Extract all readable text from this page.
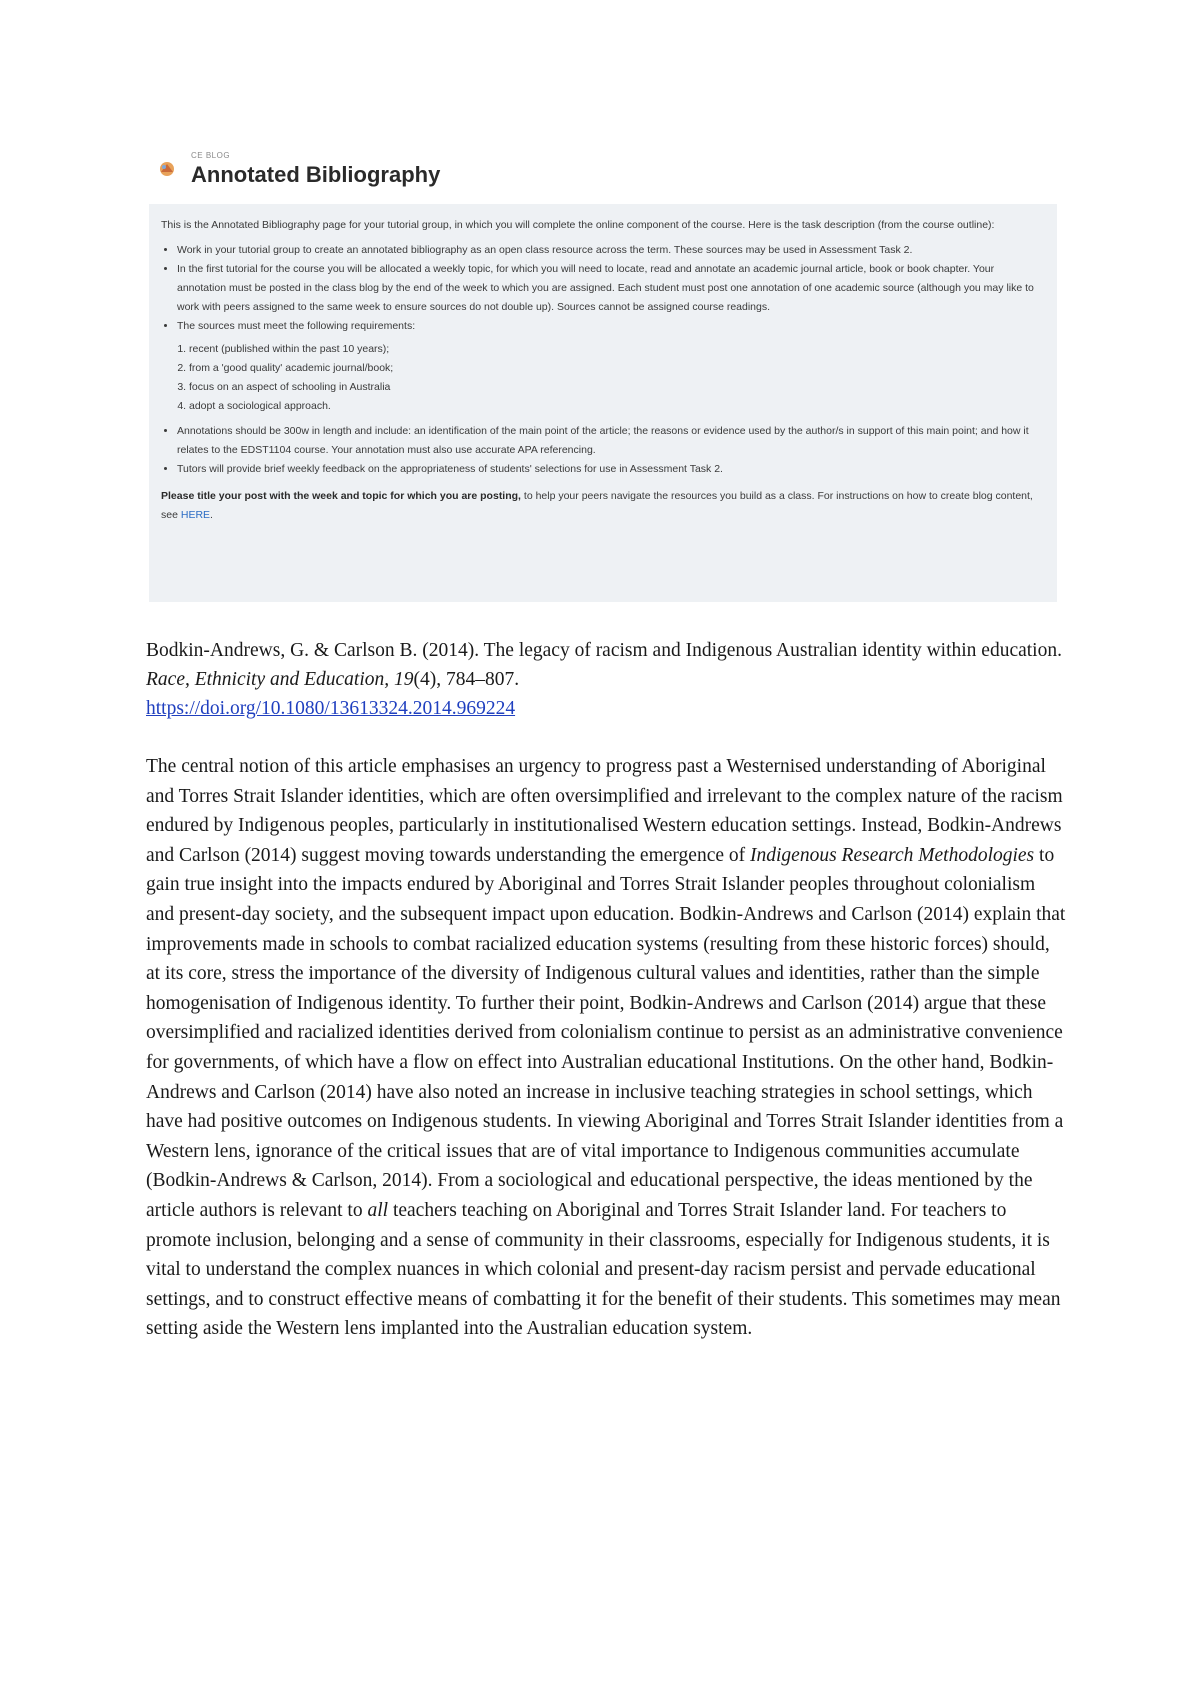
CE BLOG
Annotated Bibliography

This is the Annotated Bibliography page for your tutorial group, in which you will complete the online component of the course. Here is the task description (from the course outline):

• Work in your tutorial group to create an annotated bibliography as an open class resource across the term. These sources may be used in Assessment Task 2.
• In the first tutorial for the course you will be allocated a weekly topic, for which you will need to locate, read and annotate an academic journal article, book or book chapter. Your annotation must be posted in the class blog by the end of the week to which you are assigned. Each student must post one annotation of one academic source (although you may like to work with peers assigned to the same week to ensure sources do not double up). Sources cannot be assigned course readings.
• The sources must meet the following requirements:
1. recent (published within the past 10 years);
2. from a 'good quality' academic journal/book;
3. focus on an aspect of schooling in Australia
4. adopt a sociological approach.
• Annotations should be 300w in length and include: an identification of the main point of the article; the reasons or evidence used by the author/s in support of this main point; and how it relates to the EDST1104 course. Your annotation must also use accurate APA referencing.
• Tutors will provide brief weekly feedback on the appropriateness of students' selections for use in Assessment Task 2.

Please title your post with the week and topic for which you are posting, to help your peers navigate the resources you build as a class. For instructions on how to create blog content, see HERE.

Bodkin-Andrews, G. & Carlson B. (2014). The legacy of racism and Indigenous Australian identity within education. Race, Ethnicity and Education, 19(4), 784–807.
https://doi.org/10.1080/13613324.2014.969224

The central notion of this article emphasises an urgency to progress past a Westernised understanding of Aboriginal and Torres Strait Islander identities, which are often oversimplified and irrelevant to the complex nature of the racism endured by Indigenous peoples, particularly in institutionalised Western education settings. Instead, Bodkin-Andrews and Carlson (2014) suggest moving towards understanding the emergence of Indigenous Research Methodologies to gain true insight into the impacts endured by Aboriginal and Torres Strait Islander peoples throughout colonialism and present-day society, and the subsequent impact upon education. Bodkin-Andrews and Carlson (2014) explain that improvements made in schools to combat racialized education systems (resulting from these historic forces) should, at its core, stress the importance of the diversity of Indigenous cultural values and identities, rather than the simple homogenisation of Indigenous identity. To further their point, Bodkin-Andrews and Carlson (2014) argue that these oversimplified and racialized identities derived from colonialism continue to persist as an administrative convenience for governments, of which have a flow on effect into Australian educational Institutions. On the other hand, Bodkin-Andrews and Carlson (2014) have also noted an increase in inclusive teaching strategies in school settings, which have had positive outcomes on Indigenous students. In viewing Aboriginal and Torres Strait Islander identities from a Western lens, ignorance of the critical issues that are of vital importance to Indigenous communities accumulate (Bodkin-Andrews & Carlson, 2014). From a sociological and educational perspective, the ideas mentioned by the article authors is relevant to all teachers teaching on Aboriginal and Torres Strait Islander land. For teachers to promote inclusion, belonging and a sense of community in their classrooms, especially for Indigenous students, it is vital to understand the complex nuances in which colonial and present-day racism persist and pervade educational settings, and to construct effective means of combatting it for the benefit of their students. This sometimes may mean setting aside the Western lens implanted into the Australian education system.
